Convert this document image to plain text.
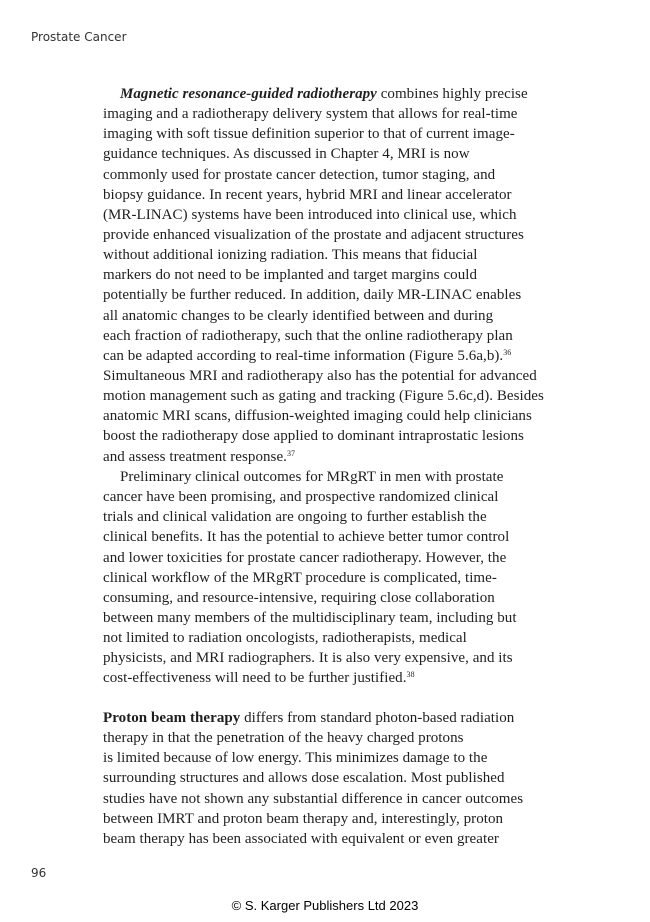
Prostate Cancer
Magnetic resonance-guided radiotherapy combines highly precise
imaging and a radiotherapy delivery system that allows for real-time
imaging with soft tissue definition superior to that of current image-
guidance techniques. As discussed in Chapter 4, MRI is now
commonly used for prostate cancer detection, tumor staging, and
biopsy guidance. In recent years, hybrid MRI and linear accelerator
(MR-LINAC) systems have been introduced into clinical use, which
provide enhanced visualization of the prostate and adjacent structures
without additional ionizing radiation. This means that fiducial
markers do not need to be implanted and target margins could
potentially be further reduced. In addition, daily MR-LINAC enables
all anatomic changes to be clearly identified between and during
each fraction of radiotherapy, such that the online radiotherapy plan
can be adapted according to real-time information (Figure 5.6a,b).$^{36}$
Simultaneous MRI and radiotherapy also has the potential for advanced
motion management such as gating and tracking (Figure 5.6c,d). Besides
anatomic MRI scans, diffusion-weighted imaging could help clinicians
boost the radiotherapy dose applied to dominant intraprostatic lesions
and assess treatment response.$^{37}$
Preliminary clinical outcomes for MRgRT in men with prostate
cancer have been promising, and prospective randomized clinical
trials and clinical validation are ongoing to further establish the
clinical benefits. It has the potential to achieve better tumor control
and lower toxicities for prostate cancer radiotherapy. However, the
clinical workflow of the MRgRT procedure is complicated, time-
consuming, and resource-intensive, requiring close collaboration
between many members of the multidisciplinary team, including but
not limited to radiation oncologists, radiotherapists, medical
physicists, and MRI radiographers. It is also very expensive, and its
cost-effectiveness will need to be further justified.$^{38}$
Proton beam therapy differs from standard photon-based radiation
therapy in that the penetration of the heavy charged protons
is limited because of low energy. This minimizes damage to the
surrounding structures and allows dose escalation. Most published
studies have not shown any substantial difference in cancer outcomes
between IMRT and proton beam therapy and, interestingly, proton
beam therapy has been associated with equivalent or even greater
96
© S. Karger Publishers Ltd 2023
